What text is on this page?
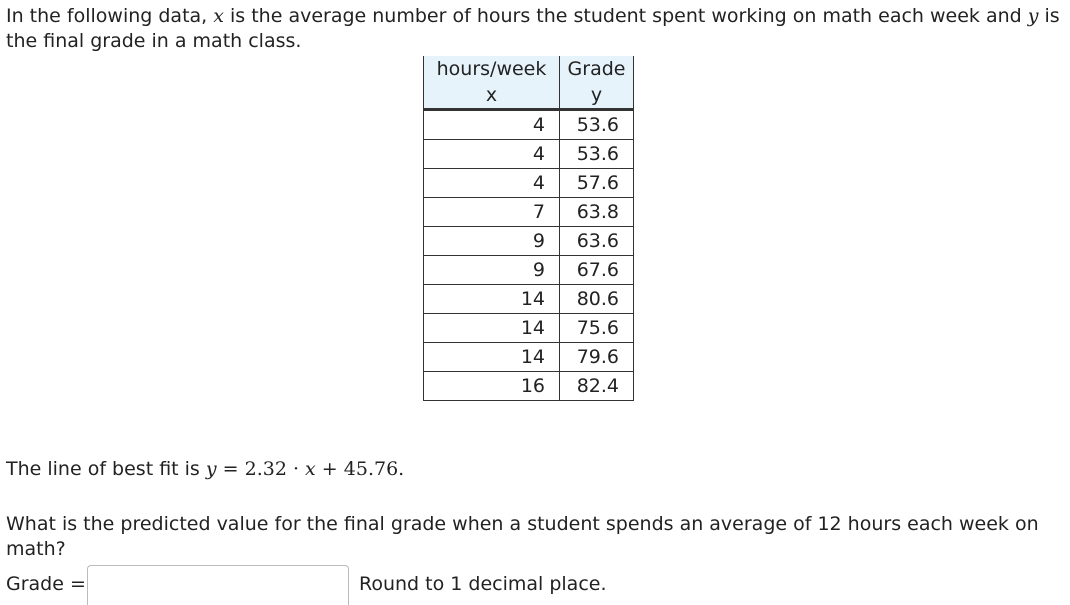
In the following data, x is the average number of hours the student spent working on math each week and y is the final grade in a math class.
hours/week	Grade
x	y
4	53.6
4	53.6
4	57.6
7	63.8
9	63.6
9	67.6
14	80.6
14	75.6
14	79.6
16	82.4
The line of best fit is y = 2.32 · x + 45.76.
What is the predicted value for the final grade when a student spends an average of 12 hours each week on math?
Grade =	Round to 1 decimal place.
